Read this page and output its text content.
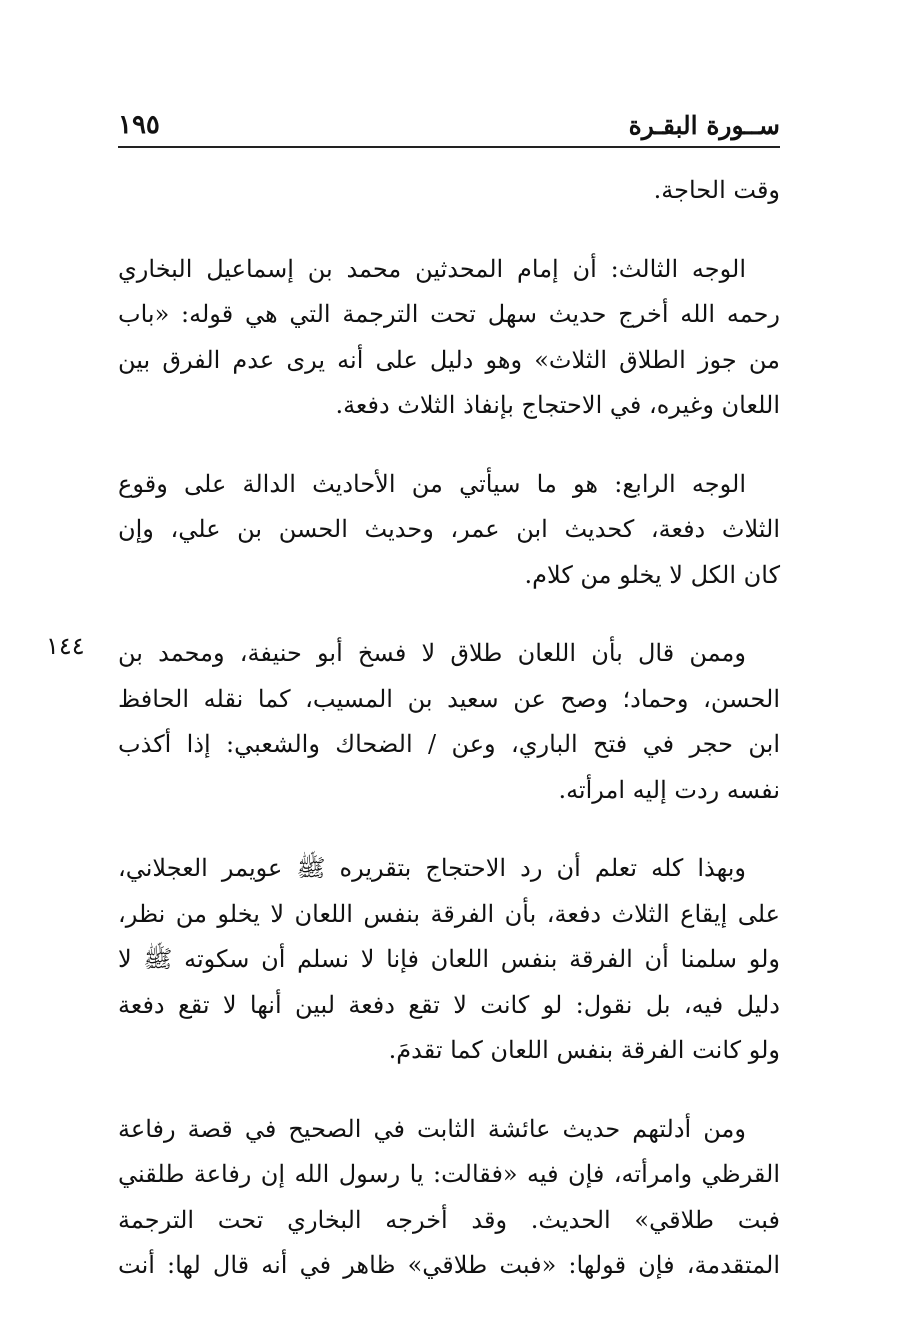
ســورة البقـرة
١٩٥
١٤٤
وقت الحاجة.
الوجه الثالث: أن إمام المحدثين محمد بن إسماعيل البخاري
رحمه الله أخرج حديث سهل تحت الترجمة التي هي قوله: «باب
من جوز الطلاق الثلاث» وهو دليل على أنه يرى عدم الفرق بين
اللعان وغيره، في الاحتجاج بإنفاذ الثلاث دفعة.
الوجه الرابع: هو ما سيأتي من الأحاديث الدالة على وقوع
الثلاث دفعة، كحديث ابن عمر، وحديث الحسن بن علي، وإن
كان الكل لا يخلو من كلام.
وممن قال بأن اللعان طلاق لا فسخ أبو حنيفة، ومحمد بن
الحسن، وحماد؛ وصح عن سعيد بن المسيب، كما نقله الحافظ
ابن حجر في فتح الباري، وعن / الضحاك والشعبي: إذا أكذب
نفسه ردت إليه امرأته.
وبهذا كله تعلم أن رد الاحتجاج بتقريره ﷺ عويمر العجلاني،
على إيقاع الثلاث دفعة، بأن الفرقة بنفس اللعان لا يخلو من نظر،
ولو سلمنا أن الفرقة بنفس اللعان فإنا لا نسلم أن سكوته ﷺ لا
دليل فيه، بل نقول: لو كانت لا تقع دفعة لبين أنها لا تقع دفعة
ولو كانت الفرقة بنفس اللعان كما تقدمَ.
ومن أدلتهم حديث عائشة الثابت في الصحيح في قصة رفاعة
القرظي وامرأته، فإن فيه «فقالت: يا رسول الله إن رفاعة طلقني
فبت طلاقي» الحديث. وقد أخرجه البخاري تحت الترجمة
المتقدمة، فإن قولها: «فبت طلاقي» ظاهر في أنه قال لها: أنت
